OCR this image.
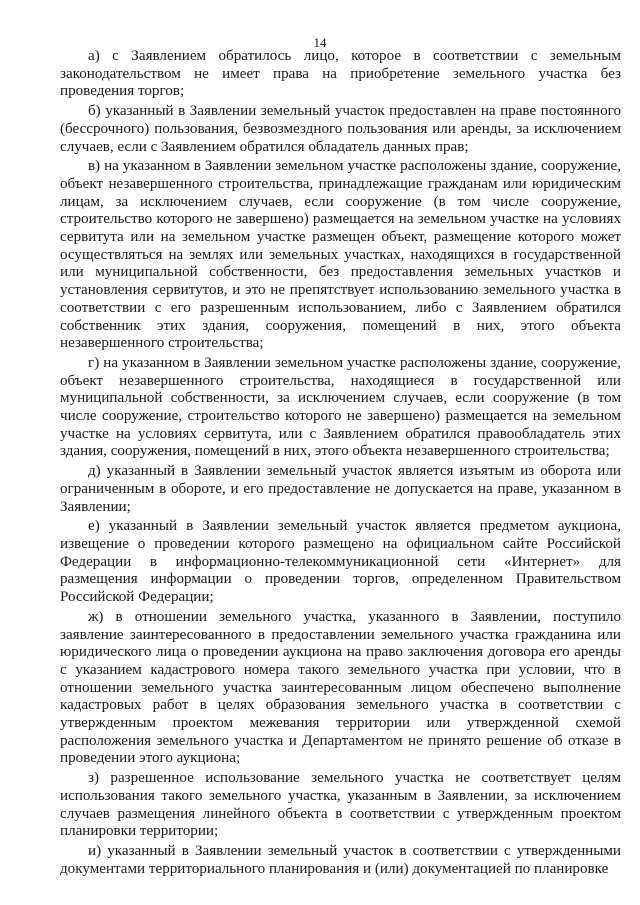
14

а) с Заявлением обратилось лицо, которое в соответствии с земельным законодательством не имеет права на приобретение земельного участка без проведения торгов;

б) указанный в Заявлении земельный участок предоставлен на праве постоянного (бессрочного) пользования, безвозмездного пользования или аренды, за исключением случаев, если с Заявлением обратился обладатель данных прав;

в) на указанном в Заявлении земельном участке расположены здание, сооружение, объект незавершенного строительства, принадлежащие гражданам или юридическим лицам, за исключением случаев, если сооружение (в том числе сооружение, строительство которого не завершено) размещается на земельном участке на условиях сервитута или на земельном участке размещен объект, размещение которого может осуществляться на землях или земельных участках, находящихся в государственной или муниципальной собственности, без предоставления земельных участков и установления сервитутов, и это не препятствует использованию земельного участка в соответствии с его разрешенным использованием, либо с Заявлением обратился собственник этих здания, сооружения, помещений в них, этого объекта незавершенного строительства;

г) на указанном в Заявлении земельном участке расположены здание, сооружение, объект незавершенного строительства, находящиеся в государственной или муниципальной собственности, за исключением случаев, если сооружение (в том числе сооружение, строительство которого не завершено) размещается на земельном участке на условиях сервитута, или с Заявлением обратился правообладатель этих здания, сооружения, помещений в них, этого объекта незавершенного строительства;

д) указанный в Заявлении земельный участок является изъятым из оборота или ограниченным в обороте, и его предоставление не допускается на праве, указанном в Заявлении;

е) указанный в Заявлении земельный участок является предметом аукциона, извещение о проведении которого размещено на официальном сайте Российской Федерации в информационно-телекоммуникационной сети «Интернет» для размещения информации о проведении торгов, определенном Правительством Российской Федерации;

ж) в отношении земельного участка, указанного в Заявлении, поступило заявление заинтересованного в предоставлении земельного участка гражданина или юридического лица о проведении аукциона на право заключения договора его аренды с указанием кадастрового номера такого земельного участка при условии, что в отношении земельного участка заинтересованным лицом обеспечено выполнение кадастровых работ в целях образования земельного участка в соответствии с утвержденным проектом межевания территории или утвержденной схемой расположения земельного участка и Департаментом не принято решение об отказе в проведении этого аукциона;

з) разрешенное использование земельного участка не соответствует целям использования такого земельного участка, указанным в Заявлении, за исключением случаев размещения линейного объекта в соответствии с утвержденным проектом планировки территории;

и) указанный в Заявлении земельный участок в соответствии с утвержденными документами территориального планирования и (или) документацией по планировке
